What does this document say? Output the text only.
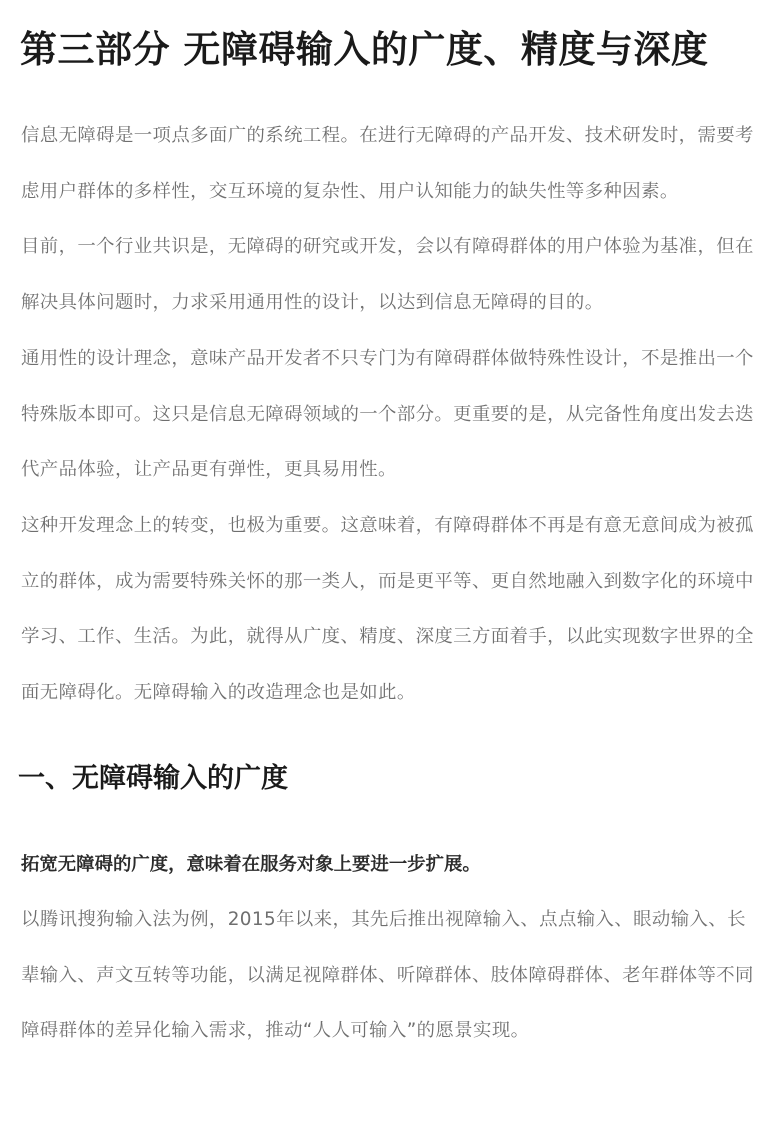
第三部分 无障碍输入的广度、精度与深度

信息无障碍是一项点多面广的系统工程。在进行无障碍的产品开发、技术研发时，需要考虑用户群体的多样性，交互环境的复杂性、用户认知能力的缺失性等多种因素。

目前，一个行业共识是，无障碍的研究或开发，会以有障碍群体的用户体验为基准，但在解决具体问题时，力求采用通用性的设计，以达到信息无障碍的目的。

通用性的设计理念，意味产品开发者不只专门为有障碍群体做特殊性设计，不是推出一个特殊版本即可。这只是信息无障碍领域的一个部分。更重要的是，从完备性角度出发去迭代产品体验，让产品更有弹性，更具易用性。

这种开发理念上的转变，也极为重要。这意味着，有障碍群体不再是有意无意间成为被孤立的群体，成为需要特殊关怀的那一类人，而是更平等、更自然地融入到数字化的环境中学习、工作、生活。为此，就得从广度、精度、深度三方面着手，以此实现数字世界的全面无障碍化。无障碍输入的改造理念也是如此。

一、无障碍输入的广度

拓宽无障碍的广度，意味着在服务对象上要进一步扩展。

以腾讯搜狗输入法为例，2015年以来，其先后推出视障输入、点点输入、眼动输入、长辈输入、声文互转等功能，以满足视障群体、听障群体、肢体障碍群体、老年群体等不同障碍群体的差异化输入需求，推动“人人可输入”的愿景实现。
